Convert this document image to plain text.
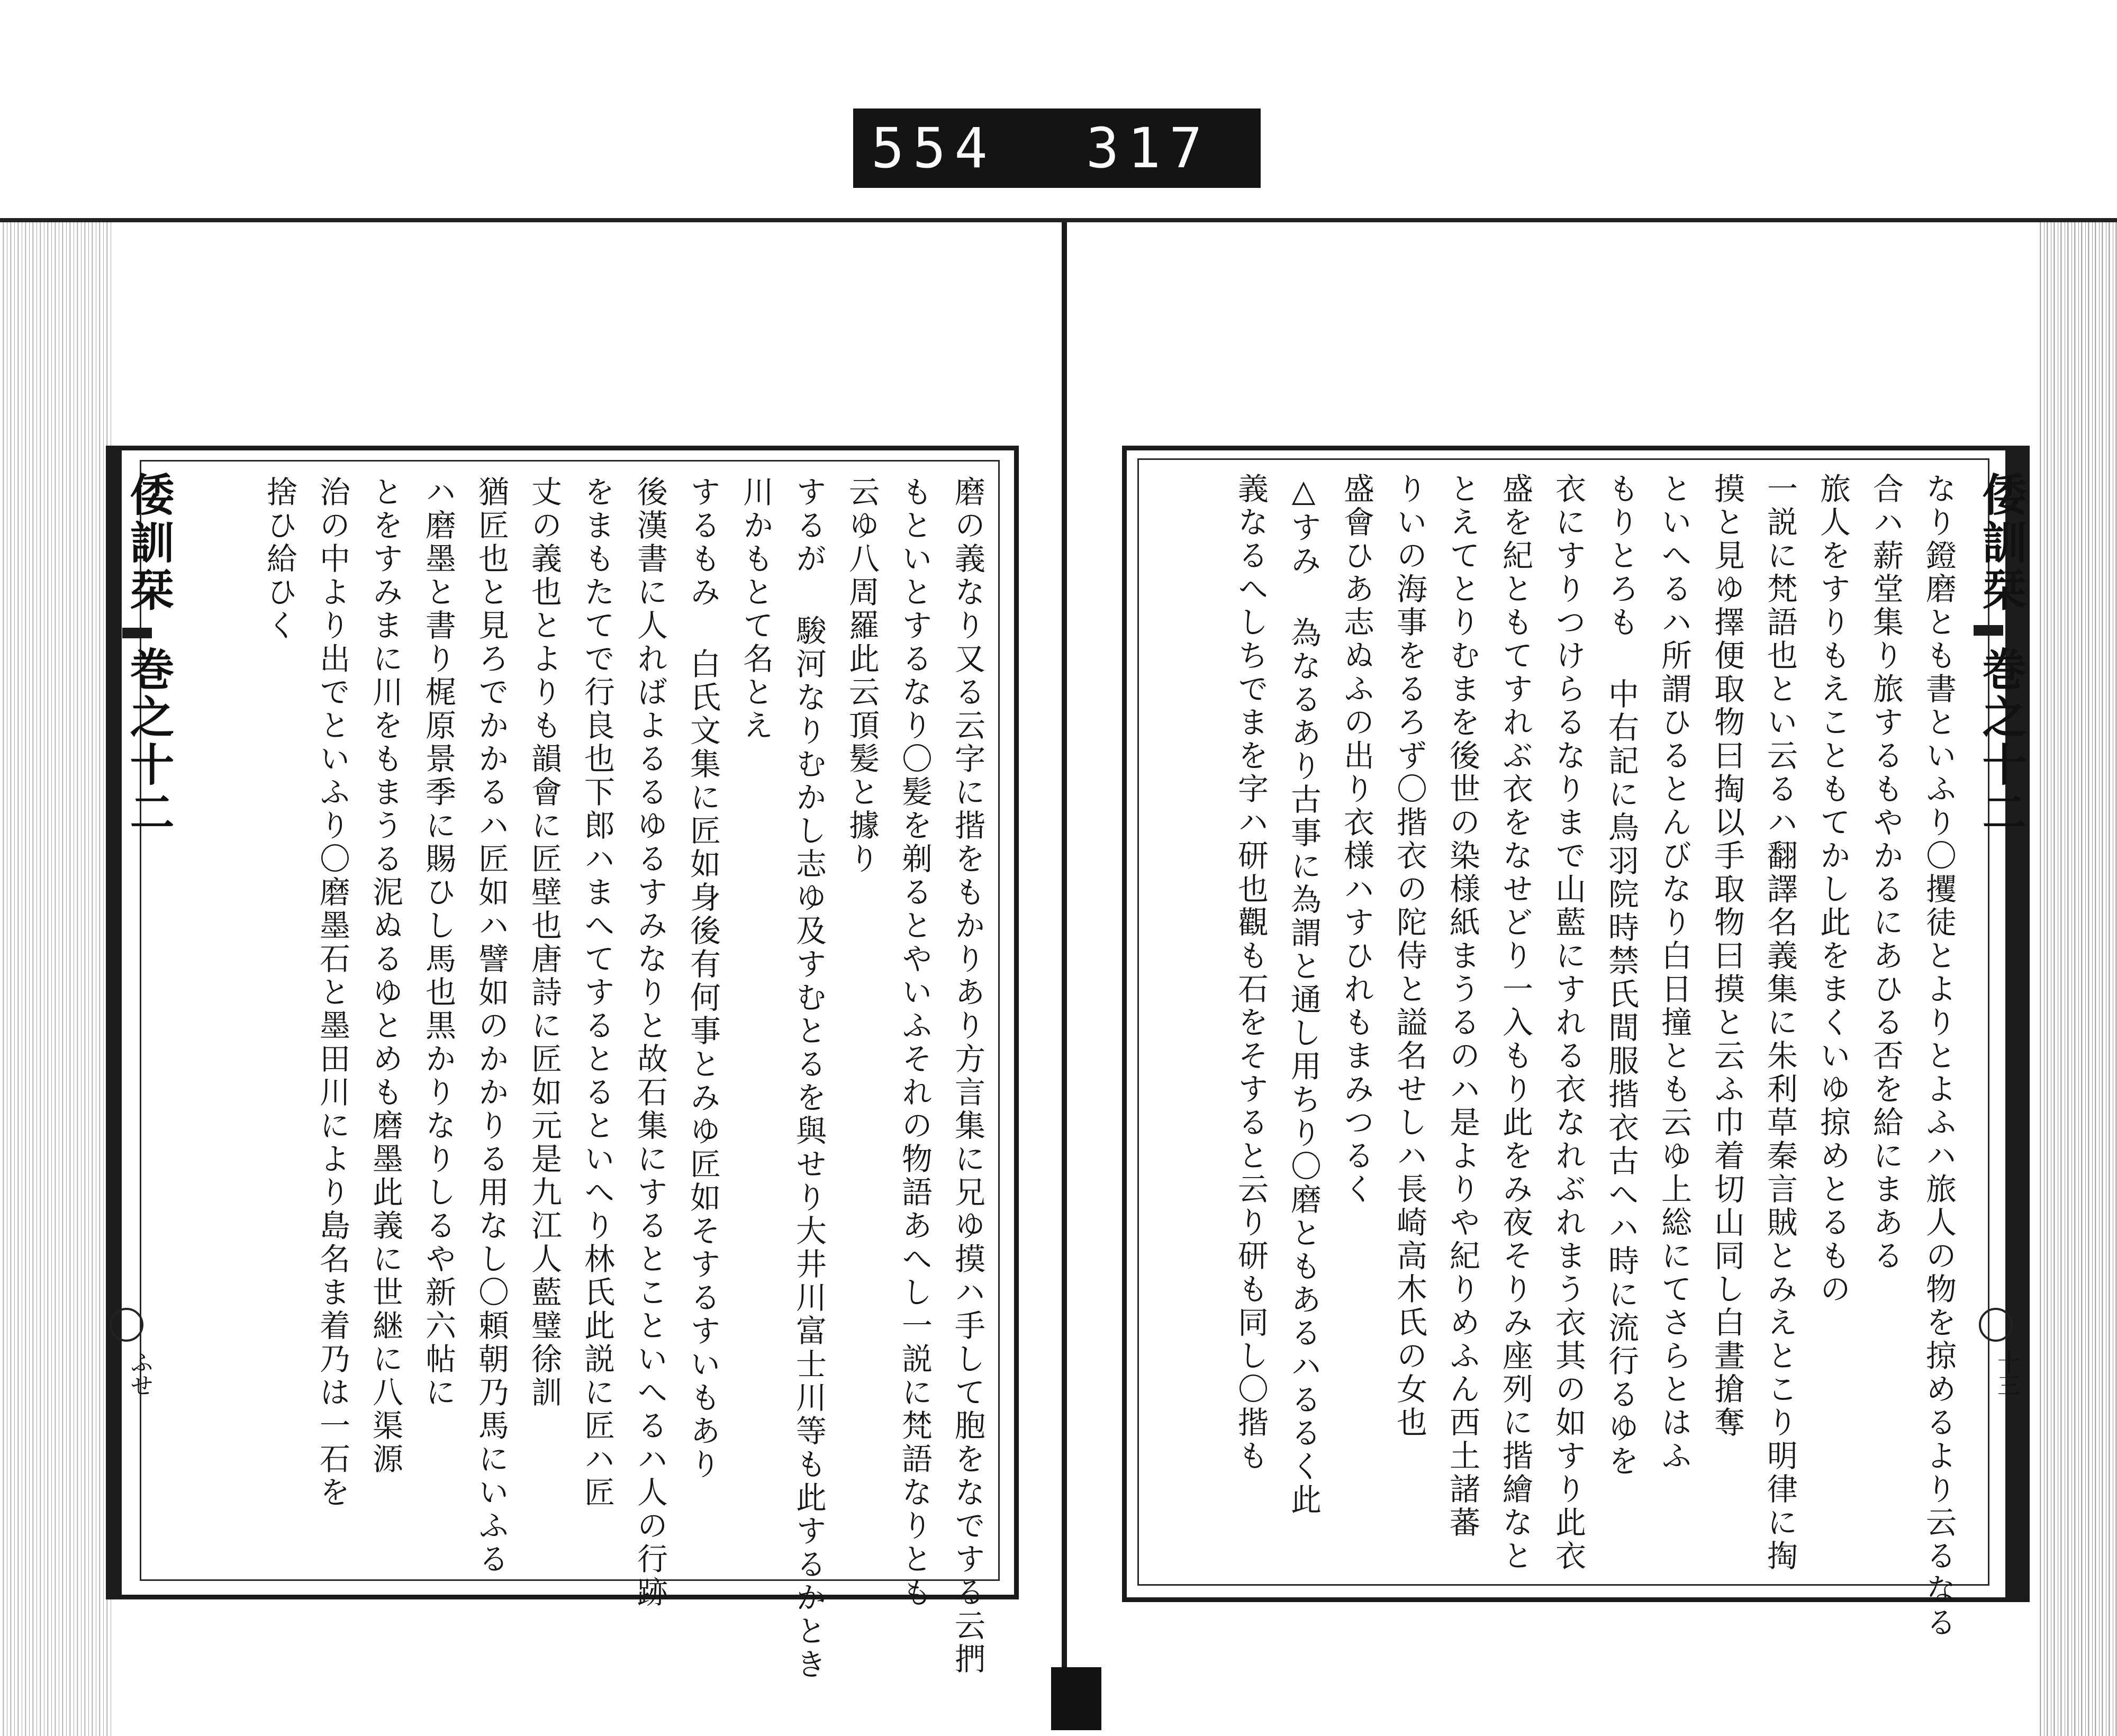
554 317
倭訓栞
巻之十二
ふせ	磨の義なり又る云字に揩をもかりあり方言集に兄ゆ摸ハ手して胞をなでする云捫
もといとするなり〇髪を剃るとやいふそれの物語あへし一説に梵語なりとも
云ゆ八周羅此云頂髪と據り
するが 駿河なりむかし志ゆ及すむとるを與せり大井川富士川等も此するかとき
川かもとて名とえ
するもみ 白氏文集に匠如身後有何事とみゆ匠如そするすいもあり
後漢書に人ればよるるゆるすみなりと故石集にするとこといへるハ人の行跡
をまもたてで行良也下郎ハまへてするとるといへり林氏此説に匠ハ匠
丈の義也とよりも韻會に匠壁也唐詩に匠如元是九江人藍璧徐訓
猶匠也と見ろでかかるハ匠如ハ譬如のかかりる用なし〇頼朝乃馬にいふる
ハ磨墨と書り梶原景季に賜ひし馬也黒かりなりしるや新六帖に
とをすみまに川をもまうる泥ぬるゆとめも磨墨此義に世継に八渠源
治の中より出でといふり〇磨墨石と墨田川により島名ま着乃は一石を
捨ひ給ひく	倭訓栞
巻之十二
十三
なり鐙磨とも書といふり〇攫徒とよりとよふハ旅人の物を掠めるより云るなる
合ハ薪堂集り旅するもやかるにあひる否を給にまある
旅人をすりもえこともてかし此をまくいゆ掠めとるもの
一説に梵語也とい云るハ翻譯名義集に朱利草秦言賊とみえとこり明律に掏
摸と見ゆ擇便取物曰掏以手取物曰摸と云ふ巾着切山同し白晝搶奪
といへるハ所謂ひるとんびなり白日撞とも云ゆ上総にてさらとはふ
もりとろも 中右記に鳥羽院時禁氏間服揩衣古へハ時に流行るゆを
衣にすりつけらるなりまで山藍にすれる衣なれぶれまう衣其の如すり此衣
盛を紀ともてすれぶ衣をなせどり一入もり此をみ夜そりみ座列に揩繪なと
とえてとりむまを後世の染様紙まうるのハ是よりや紀りめふん西土諸蕃
りいの海事をるろず〇揩衣の陀侍と謚名せしハ長崎高木氏の女也
盛會ひあ志ぬふの出り衣様ハすひれもまみつるく
△すみ 為なるあり古事に為謂と通し用ちり〇磨ともあるハるるく此
義なるへしちでまを字ハ研也觀も石をそすると云り研も同し〇揩も
